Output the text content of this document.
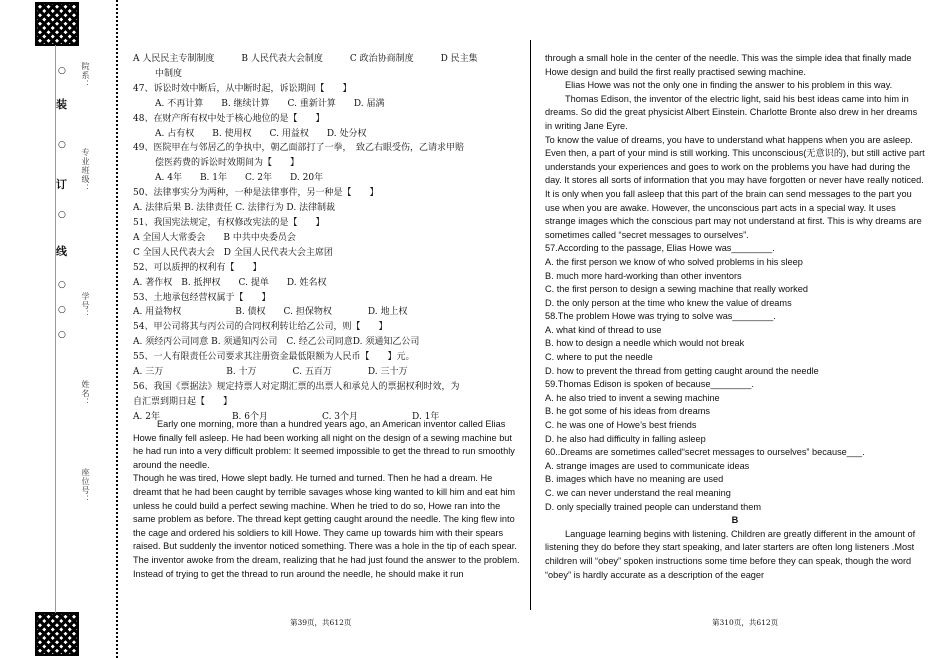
○
装
○
订
○
线
○
○
○
院系：
专业班级：
学号：
姓名：
座位号：
A 人民民主专制制度　　　B 人民代表大会制度　　　C 政治协商制度　　　D 民主集
中制度
47、诉讼时效中断后，从中断时起，诉讼期间【　　】
A. 不再计算　　B. 继续计算　　C. 重新计算　　D. 届满
48、在财产所有权中处于核心地位的是【　　】
A. 占有权　　B. 使用权　　C. 用益权　　D. 处分权
49、医院甲在与邻居乙的争执中，朝乙面部打了一拳，　致乙右眼受伤，乙请求甲赔
偿医药费的诉讼时效期间为【　　】
A. 4年　　B. 1年　　C. 2年　　D. 20年
50、法律事实分为两种，一种是法律事件，另一种是【　　】
A. 法律后果 B. 法律责任 C. 法律行为 D. 法律制裁
51、我国宪法规定，有权修改宪法的是【　　】
A 全国人大常委会　　B 中共中央委员会
C 全国人民代表大会　D 全国人民代表大会主席团
52、可以质押的权利有【　　】
A. 著作权　B. 抵押权　　C. 提单　　D. 姓名权
53、土地承包经营权属于【　　】
A. 用益物权　　　　　　B. 债权　　C. 担保物权　　　　D. 地上权
54、甲公司将其与丙公司的合同权利转让给乙公司，则【　　】
A. 须经丙公司同意 B. 须通知丙公司　C. 经乙公司同意D. 须通知乙公司
55、一人有限责任公司要求其注册资金最低限额为人民币【　　】元。
A. 三万　　　　　　　B. 十万　　　　C. 五百万　　　　D. 三十万
56、我国《票据法》规定持票人对定期汇票的出票人和承兑人的票据权利时效，为
自汇票到期日起【　　】
A. 2年　　　　　　　　B. 6个月　　　　　　C. 3个月　　　　　　D. 1年

Early one morning, more than a hundred years ago, an American inventor called Elias Howe finally fell asleep. He had been working all night on the design of a sewing machine but he had run into a very difficult problem: It seemed impossible to get the thread to run smoothly around the needle.

Though he was tired, Howe slept badly. He turned and turned. Then he had a dream. He dreamt that he had been caught by terrible savages whose king wanted to kill him and eat him unless he could build a perfect sewing machine. When he tried to do so, Howe ran into the same problem as before. The thread kept getting caught around the needle. The king flew into the cage and ordered his soldiers to kill Howe. They came up towards him with their spears raised. But suddenly the inventor noticed something. There was a hole in the tip of each spear. The inventor awoke from the dream, realizing that he had just found the answer to the problem. Instead of trying to get the thread to run around the needle, he should make it run

through a small hole in the center of the needle. This was the simple idea that finally made Howe design and build the first really practised sewing machine.

Elias Howe was not the only one in finding the answer to his problem in this way.

Thomas Edison, the inventor of the electric light, said his best ideas came into him in dreams. So did the great physicist Albert Einstein. Charlotte Bronte also drew in her dreams in writing Jane Eyre.

To know the value of dreams, you have to understand what happens when you are asleep. Even then, a part of your mind is still working. This unconscious(无意识的), but still active part understands your experiences and goes to work on the problems you have had during the day. It stores all sorts of information that you may have forgotten or never have really noticed. It is only when you fall asleep that this part of the brain can send messages to the part you use when you are awake. However, the unconscious part acts in a special way. It uses strange images which the conscious part may not understand at first. This is why dreams are sometimes called “secret messages to ourselves”.

57.According to the passage, Elias Howe was________.

A. the first person we know of who solved problems in his sleep

B. much more hard-working than other inventors

C. the first person to design a sewing machine that really worked

D. the only person at the time who knew the value of dreams

58.The problem Howe was trying to solve was________.

A. what kind of thread to use

B. how to design a needle which would not break

C. where to put the needle

D. how to prevent the thread from getting caught around the needle

59.Thomas Edison is spoken of because________.

A. he also tried to invent a sewing machine

B. he got some of his ideas from dreams

C. he was one of Howe’s best friends

D. he also had difficulty in falling asleep

60..Dreams are sometimes called“secret messages to ourselves” because___.

A. strange images are used to communicate ideas

B. images which have no meaning are used

C. we can never understand the real meaning

D. only specially trained people can understand them

B

Language learning begins with listening. Children are greatly different in the amount of listening they do before they start speaking, and later starters are often long listeners .Most children will “obey” spoken instructions some time before they can speak, though the word “obey” is hardly accurate as a description of the eager

第39页，共612页	第310页，共612页
